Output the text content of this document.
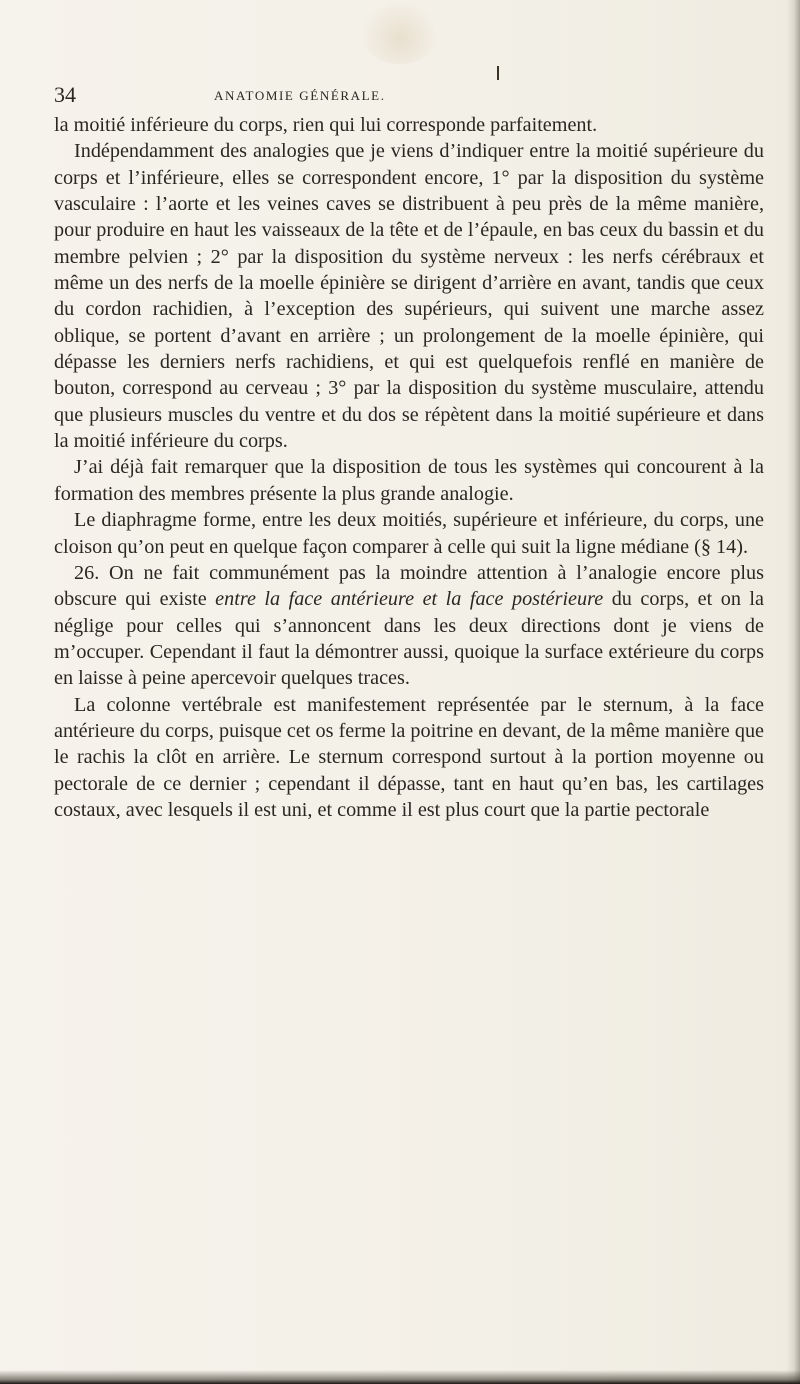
34	ANATOMIE GÉNÉRALE.

la moitié inférieure du corps, rien qui lui corresponde parfaitement.

Indépendamment des analogies que je viens d’indiquer entre la moitié supérieure du corps et l’inférieure, elles se correspondent encore, 1° par la disposition du système vasculaire : l’aorte et les veines caves se distribuent à peu près de la même manière, pour produire en haut les vaisseaux de la tête et de l’épaule, en bas ceux du bassin et du membre pelvien ; 2° par la disposition du système nerveux : les nerfs cérébraux et même un des nerfs de la moelle épinière se dirigent d’arrière en avant, tandis que ceux du cordon rachidien, à l’exception des supérieurs, qui suivent une marche assez oblique, se portent d’avant en arrière ; un prolongement de la moelle épinière, qui dépasse les derniers nerfs rachidiens, et qui est quelquefois renflé en manière de bouton, correspond au cerveau ; 3° par la disposition du système musculaire, attendu que plusieurs muscles du ventre et du dos se répètent dans la moitié supérieure et dans la moitié inférieure du corps.

J’ai déjà fait remarquer que la disposition de tous les systèmes qui concourent à la formation des membres présente la plus grande analogie.

Le diaphragme forme, entre les deux moitiés, supérieure et inférieure, du corps, une cloison qu’on peut en quelque façon comparer à celle qui suit la ligne médiane (§ 14).

26. On ne fait communément pas la moindre attention à l’analogie encore plus obscure qui existe entre la face antérieure et la face postérieure du corps, et on la néglige pour celles qui s’annoncent dans les deux directions dont je viens de m’occuper. Cependant il faut la démontrer aussi, quoique la surface extérieure du corps en laisse à peine apercevoir quelques traces.

La colonne vertébrale est manifestement représentée par le sternum, à la face antérieure du corps, puisque cet os ferme la poitrine en devant, de la même manière que le rachis la clôt en arrière. Le sternum correspond surtout à la portion moyenne ou pectorale de ce dernier ; cependant il dépasse, tant en haut qu’en bas, les cartilages costaux, avec lesquels il est uni, et comme il est plus court que la partie pectorale
